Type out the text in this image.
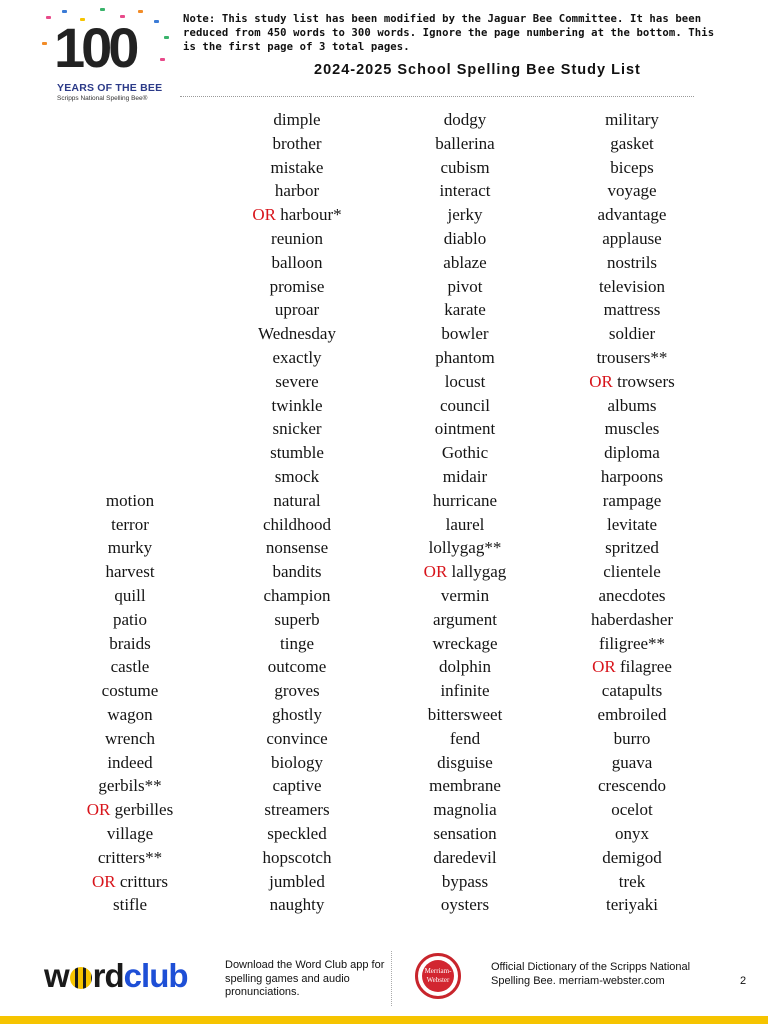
100
YEARS OF THE BEE
Scripps National Spelling Bee®
Note: This study list has been modified by the Jaguar Bee Committee. It has been reduced from 450 words to 300 words. Ignore the page numbering at the bottom. This is the first page of 3 total pages.
2024-2025 School Spelling Bee Study List
motion
terror
murky
harvest
quill
patio
braids
castle
costume
wagon
wrench
indeed
gerbils**
OR gerbilles
village
critters**
OR critturs
stifle
dimple
brother
mistake
harbor
OR harbour*
reunion
balloon
promise
uproar
Wednesday
exactly
severe
twinkle
snicker
stumble
smock
natural
childhood
nonsense
bandits
champion
superb
tinge
outcome
groves
ghostly
convince
biology
captive
streamers
speckled
hopscotch
jumbled
naughty
dodgy
ballerina
cubism
interact
jerky
diablo
ablaze
pivot
karate
bowler
phantom
locust
council
ointment
Gothic
midair
hurricane
laurel
lollygag**
OR lallygag
vermin
argument
wreckage
dolphin
infinite
bittersweet
fend
disguise
membrane
magnolia
sensation
daredevil
bypass
oysters
military
gasket
biceps
voyage
advantage
applause
nostrils
television
mattress
soldier
trousers**
OR trowsers
albums
muscles
diploma
harpoons
rampage
levitate
spritzed
clientele
anecdotes
haberdasher
filigree**
OR filagree
catapults
embroiled
burro
guava
crescendo
ocelot
onyx
demigod
trek
teriyaki
w rdclub	Download the Word Club app for spelling games and audio pronunciations.
Merriam-
Webster
Official Dictionary of the Scripps National Spelling Bee. merriam-webster.com	2
